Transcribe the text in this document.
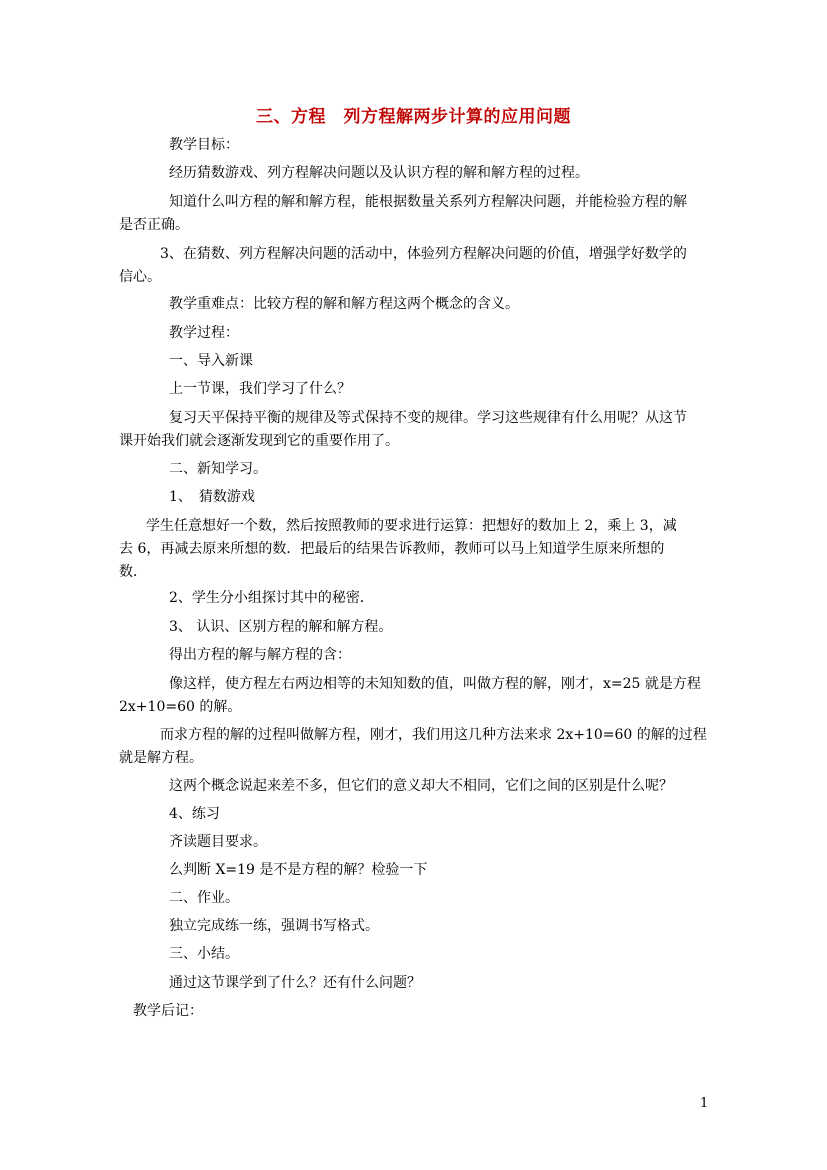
三、方程　列方程解两步计算的应用问题
教学目标：
经历猜数游戏、列方程解决问题以及认识方程的解和解方程的过程。
知道什么叫方程的解和解方程，能根据数量关系列方程解决问题，并能检验方程的解
是否正确。
3、在猜数、列方程解决问题的活动中，体验列方程解决问题的价值，增强学好数学的
信心。
教学重难点：比较方程的解和解方程这两个概念的含义。
教学过程：
一、导入新课
上一节课，我们学习了什么？
复习天平保持平衡的规律及等式保持不变的规律。学习这些规律有什么用呢？从这节
课开始我们就会逐渐发现到它的重要作用了。
二、新知学习。
1、　猜数游戏
学生任意想好一个数，然后按照教师的要求进行运算：把想好的数加上 2，乘上 3，减
去 6，再减去原来所想的数．把最后的结果告诉教师，教师可以马上知道学生原来所想的
数．
2、学生分小组探讨其中的秘密．
3、 认识、区别方程的解和解方程。
得出方程的解与解方程的含：
像这样，使方程左右两边相等的未知知数的值，叫做方程的解，刚才，x=25 就是方程
2x+10=60 的解。
而求方程的解的过程叫做解方程，刚才，我们用这几种方法来求 2x+10=60 的解的过程
就是解方程。
这两个概念说起来差不多，但它们的意义却大不相同，它们之间的区别是什么呢？
4、练习
齐读题目要求。
么判断 X=19 是不是方程的解？检验一下
二、作业。
独立完成练一练，强调书写格式。
三、小结。
通过这节课学到了什么？还有什么问题？
教学后记：
1
